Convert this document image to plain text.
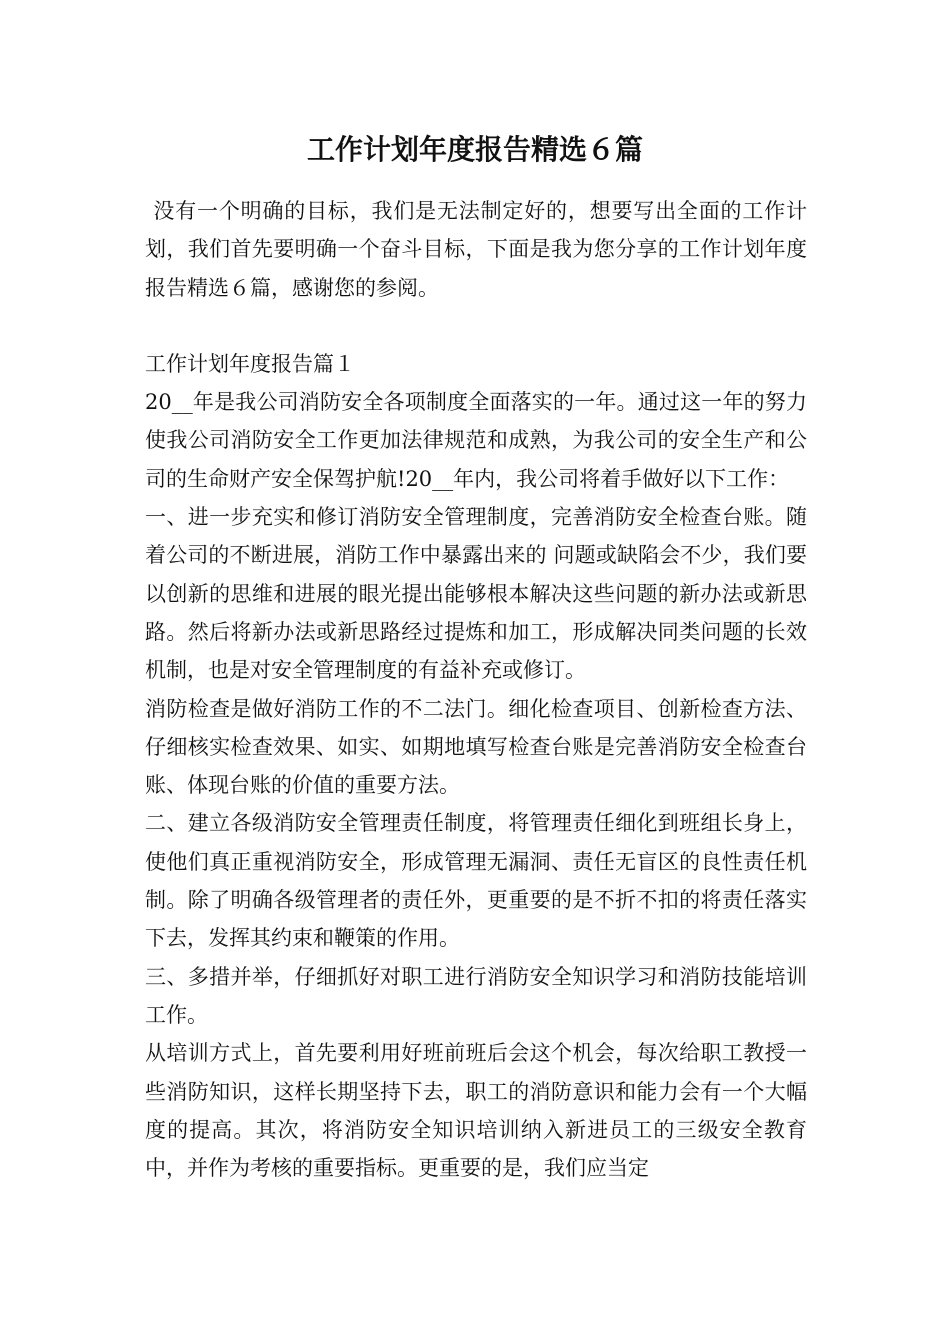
工作计划年度报告精选６篇

没有一个明确的目标，我们是无法制定好的，想要写出全面的工作计划，我们首先要明确一个奋斗目标，下面是我为您分享的工作计划年度报告精选６篇，感谢您的参阅。

工作计划年度报告篇１

20__年是我公司消防安全各项制度全面落实的一年。通过这一年的努力使我公司消防安全工作更加法律规范和成熟，为我公司的安全生产和公司的生命财产安全保驾护航!20__年内，我公司将着手做好以下工作：

一、进一步充实和修订消防安全管理制度，完善消防安全检查台账。随着公司的不断进展，消防工作中暴露出来的 问题或缺陷会不少，我们要以创新的思维和进展的眼光提出能够根本解决这些问题的新办法或新思路。然后将新办法或新思路经过提炼和加工，形成解决同类问题的长效机制，也是对安全管理制度的有益补充或修订。

消防检查是做好消防工作的不二法门。细化检查项目、创新检查方法、仔细核实检查效果、如实、如期地填写检查台账是完善消防安全检查台账、体现台账的价值的重要方法。

二、建立各级消防安全管理责任制度，将管理责任细化到班组长身上，使他们真正重视消防安全，形成管理无漏洞、责任无盲区的良性责任机制。除了明确各级管理者的责任外，更重要的是不折不扣的将责任落实下去，发挥其约束和鞭策的作用。

三、多措并举，仔细抓好对职工进行消防安全知识学习和消防技能培训工作。

从培训方式上，首先要利用好班前班后会这个机会，每次给职工教授一些消防知识，这样长期坚持下去，职工的消防意识和能力会有一个大幅度的提高。其次，将消防安全知识培训纳入新进员工的三级安全教育中，并作为考核的重要指标。更重要的是，我们应当定
